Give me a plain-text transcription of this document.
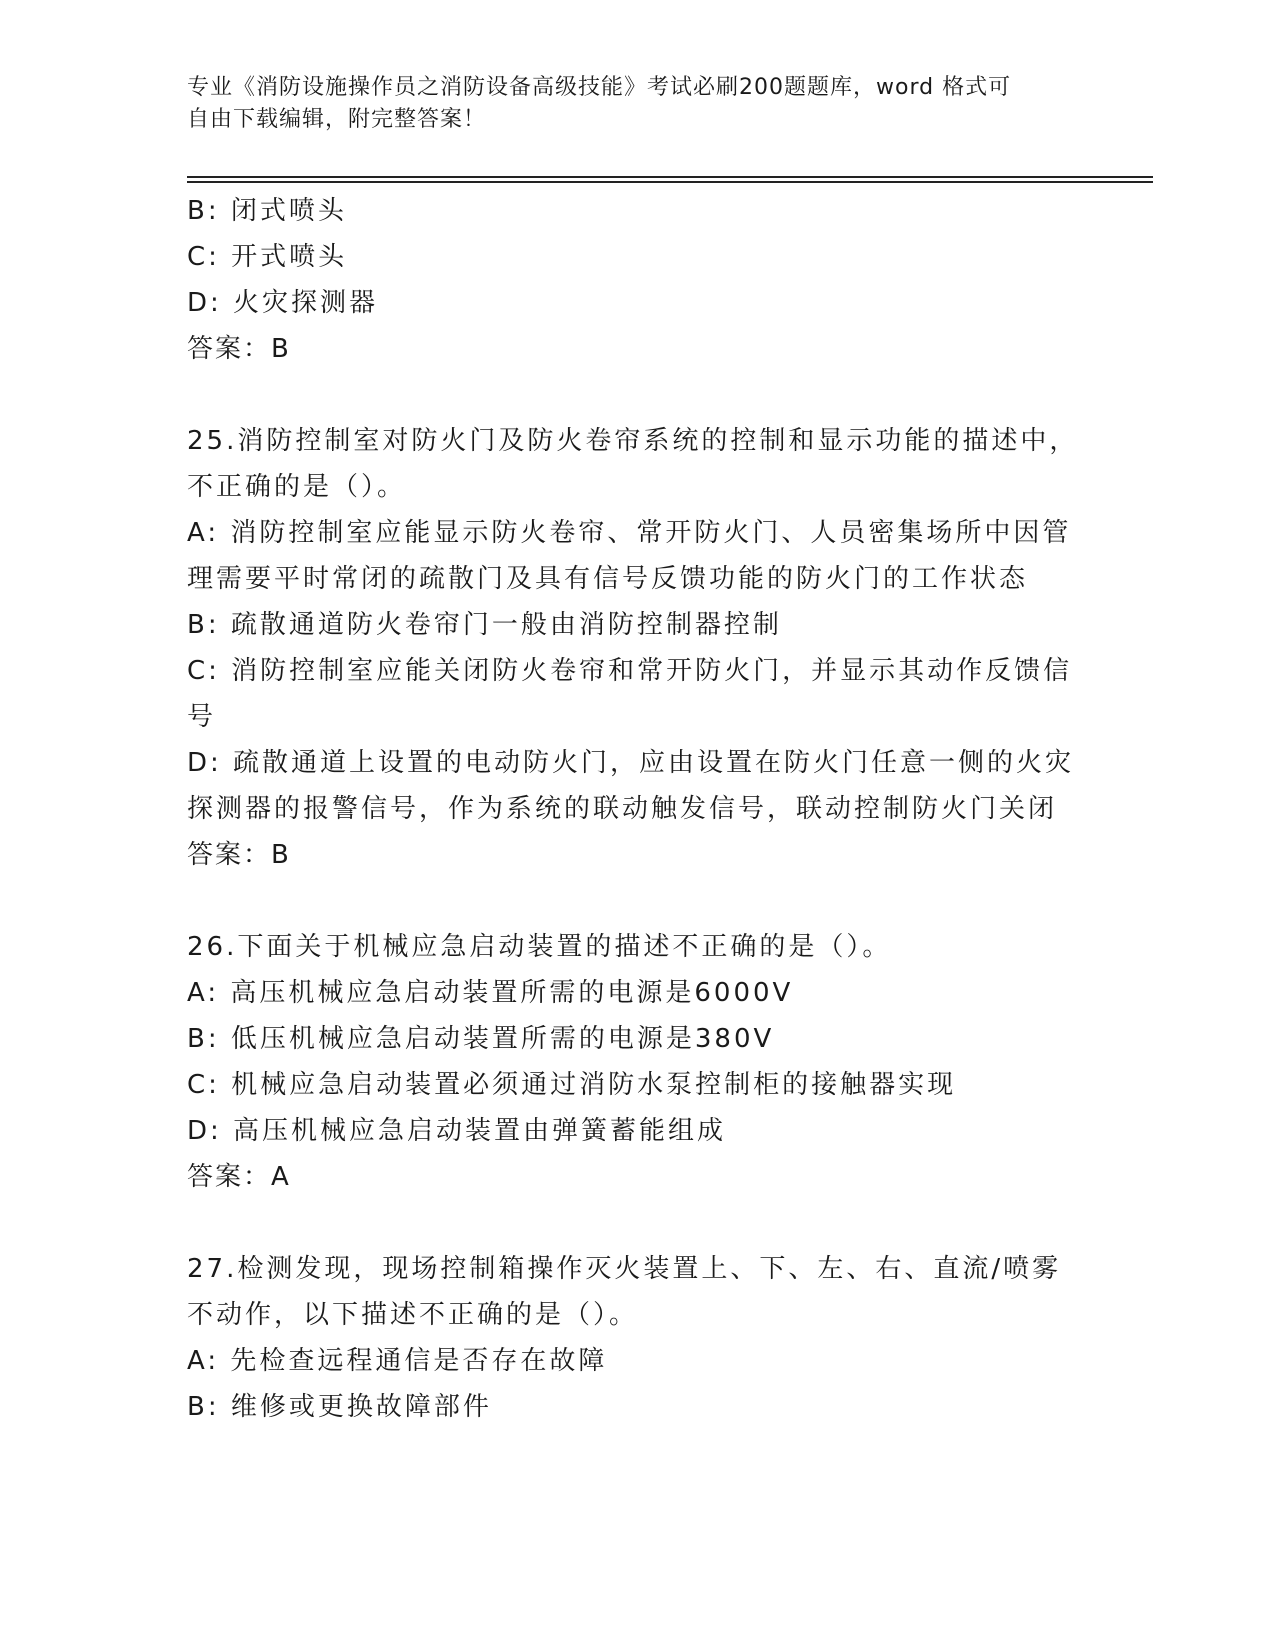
专业《消防设施操作员之消防设备高级技能》考试必刷200题题库，word 格式可
自由下载编辑，附完整答案！
B: 闭式喷头
C: 开式喷头
D: 火灾探测器
答案：B
25.消防控制室对防火门及防火卷帘系统的控制和显示功能的描述中，
不正确的是（）。
A: 消防控制室应能显示防火卷帘、常开防火门、人员密集场所中因管
理需要平时常闭的疏散门及具有信号反馈功能的防火门的工作状态
B: 疏散通道防火卷帘门一般由消防控制器控制
C: 消防控制室应能关闭防火卷帘和常开防火门，并显示其动作反馈信
号
D: 疏散通道上设置的电动防火门，应由设置在防火门任意一侧的火灾
探测器的报警信号，作为系统的联动触发信号，联动控制防火门关闭
答案：B
26.下面关于机械应急启动装置的描述不正确的是（）。
A: 高压机械应急启动装置所需的电源是6000V
B: 低压机械应急启动装置所需的电源是380V
C: 机械应急启动装置必须通过消防水泵控制柜的接触器实现
D: 高压机械应急启动装置由弹簧蓄能组成
答案：A
27.检测发现，现场控制箱操作灭火装置上、下、左、右、直流/喷雾
不动作，以下描述不正确的是（）。
A: 先检查远程通信是否存在故障
B: 维修或更换故障部件
